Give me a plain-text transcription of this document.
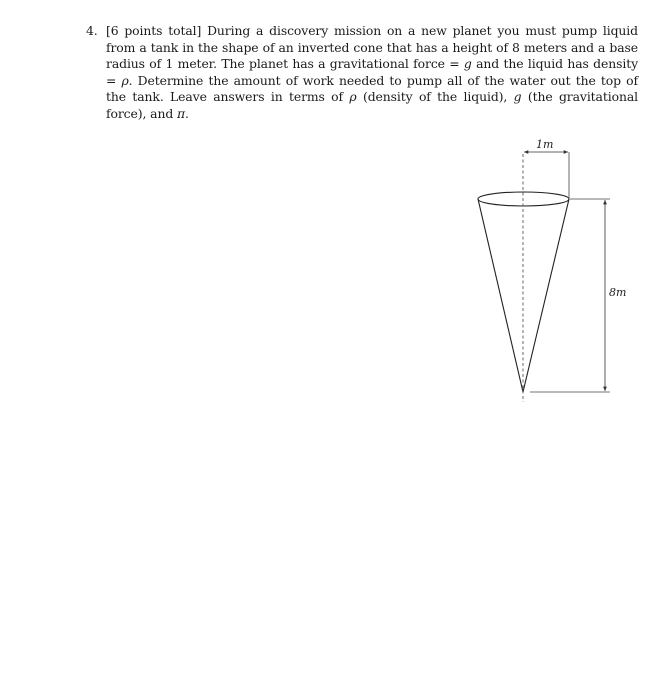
4. [6 points total] During a discovery mission on a new planet you must pump liquid from a tank in the shape of an inverted cone that has a height of 8 meters and a base radius of 1 meter. The planet has a gravitational force = g and the liquid has density = ρ. Determine the amount of work needed to pump all of the water out the top of the tank. Leave answers in terms of ρ (density of the liquid), g (the gravitational force), and π.
1m
8m
